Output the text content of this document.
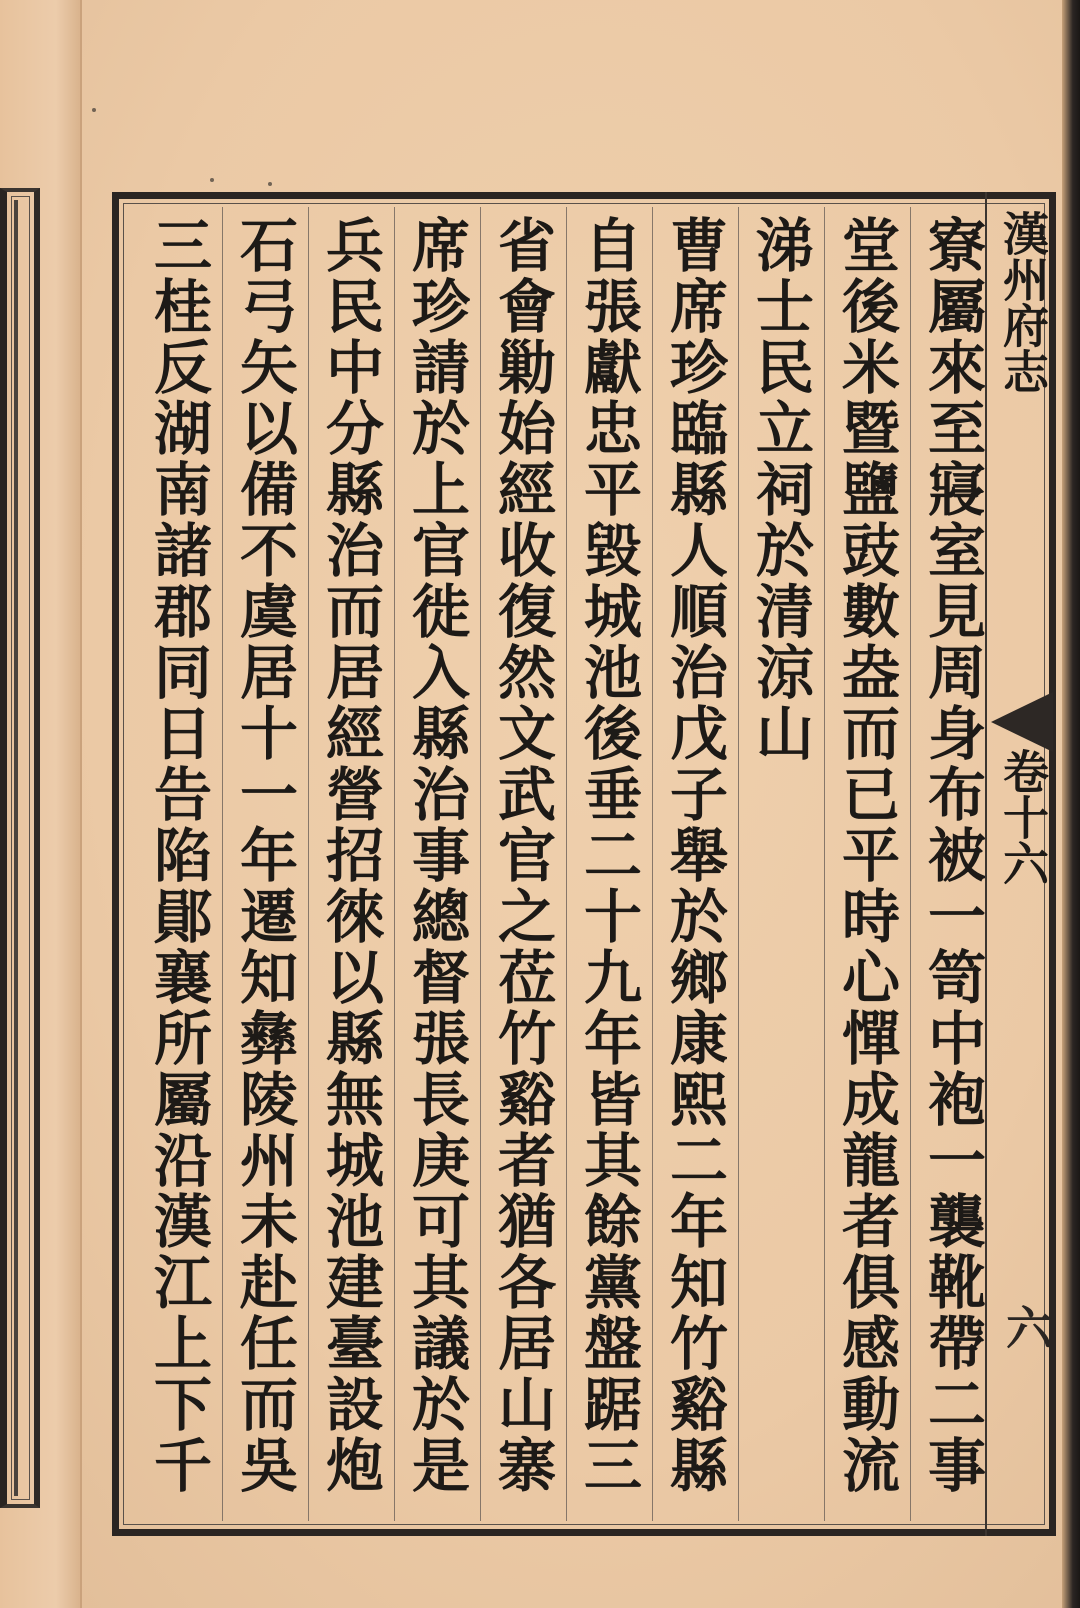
寮屬來至寢室見周身布被一笥中袍一襲靴帶二事
堂後米暨鹽豉數盎而已平時心憚成龍者俱感動流
涕士民立祠於清涼山
曹席珍臨縣人順治戊子舉於鄉康熙二年知竹谿縣
自張獻忠平毀城池後垂二十九年皆其餘黨盤踞三
省會勦始經收復然文武官之莅竹谿者猶各居山寨
席珍請於上官徙入縣治事總督張長庚可其議於是
兵民中分縣治而居經營招徠以縣無城池建臺設炮
石弓矢以備不虞居十一年遷知彝陵州未赴任而吳
三桂反湖南諸郡同日告陷鄖襄所屬沿漢江上下千	漢州府志
卷十六
六
